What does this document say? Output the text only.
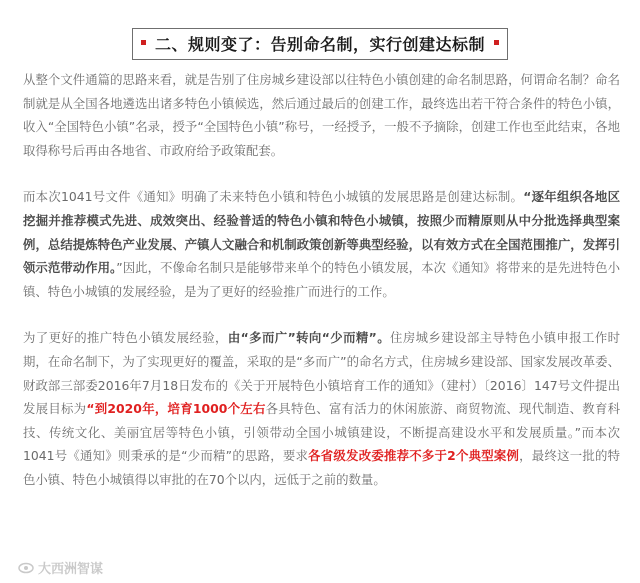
二、规则变了：告别命名制，实行创建达标制

从整个文件通篇的思路来看，就是告别了住房城乡建设部以往特色小镇创建的命名制思路，何谓命名制？命名制就是从全国各地遴选出诸多特色小镇候选，然后通过最后的创建工作，最终选出若干符合条件的特色小镇，收入“全国特色小镇”名录，授予“全国特色小镇”称号，一经授予，一般不予摘除，创建工作也至此结束，各地取得称号后再由各地省、市政府给予政策配套。

而本次1041号文件《通知》明确了未来特色小镇和特色小城镇的发展思路是创建达标制。“逐年组织各地区挖掘并推荐模式先进、成效突出、经验普适的特色小镇和特色小城镇，按照少而精原则从中分批选择典型案例，总结提炼特色产业发展、产镇人文融合和机制政策创新等典型经验，以有效方式在全国范围推广，发挥引领示范带动作用。”因此，不像命名制只是能够带来单个的特色小镇发展，本次《通知》将带来的是先进特色小镇、特色小城镇的发展经验，是为了更好的经验推广而进行的工作。

为了更好的推广特色小镇发展经验，由“多而广”转向“少而精”。住房城乡建设部主导特色小镇申报工作时期，在命名制下，为了实现更好的覆盖，采取的是“多而广”的命名方式，住房城乡建设部、国家发展改革委、财政部三部委2016年7月18日发布的《关于开展特色小镇培育工作的通知》（建村）〔2016〕147号文件提出发展目标为“到2020年，培育1000个左右各具特色、富有活力的休闲旅游、商贸物流、现代制造、教育科技、传统文化、美丽宜居等特色小镇，引领带动全国小城镇建设，不断提高建设水平和发展质量。”而本次1041号《通知》则秉承的是“少而精”的思路，要求各省级发改委推荐不多于2个典型案例，最终这一批的特色小镇、特色小城镇得以审批的在70个以内，远低于之前的数量。

大西洲智谋
